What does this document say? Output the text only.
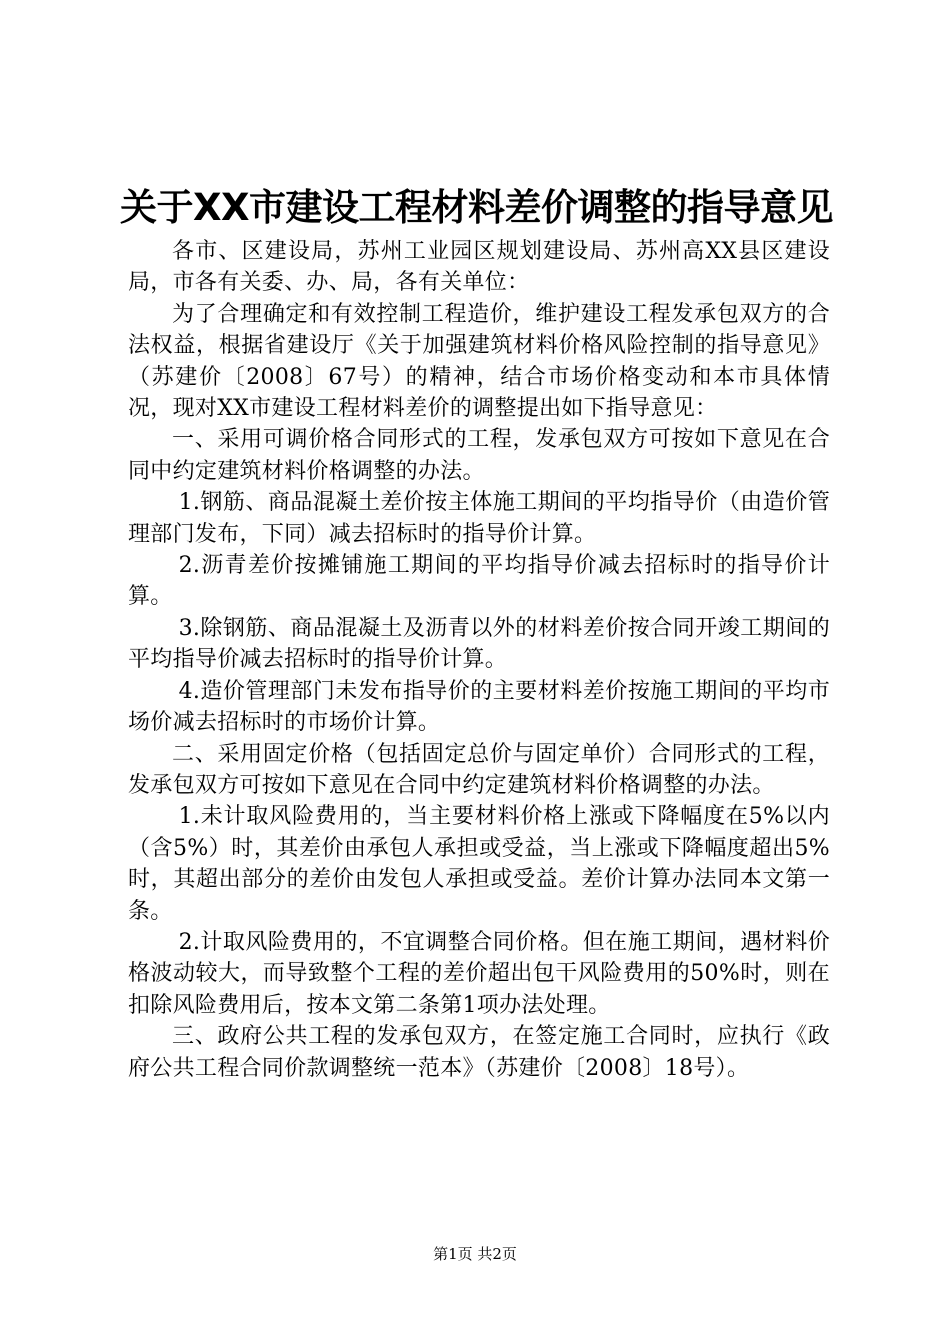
关于XX市建设工程材料差价调整的指导意见

各市、区建设局，苏州工业园区规划建设局、苏州高XX县区建设局，市各有关委、办、局，各有关单位：

为了合理确定和有效控制工程造价，维护建设工程发承包双方的合法权益，根据省建设厅《关于加强建筑材料价格风险控制的指导意见》（苏建价〔2008〕67号）的精神，结合市场价格变动和本市具体情况，现对XX市建设工程材料差价的调整提出如下指导意见：

一、采用可调价格合同形式的工程，发承包双方可按如下意见在合同中约定建筑材料价格调整的办法。

1.钢筋、商品混凝土差价按主体施工期间的平均指导价（由造价管理部门发布，下同）减去招标时的指导价计算。

2.沥青差价按摊铺施工期间的平均指导价减去招标时的指导价计算。

3.除钢筋、商品混凝土及沥青以外的材料差价按合同开竣工期间的平均指导价减去招标时的指导价计算。

4.造价管理部门未发布指导价的主要材料差价按施工期间的平均市场价减去招标时的市场价计算。

二、采用固定价格（包括固定总价与固定单价）合同形式的工程，发承包双方可按如下意见在合同中约定建筑材料价格调整的办法。

1.未计取风险费用的，当主要材料价格上涨或下降幅度在5%以内（含5%）时，其差价由承包人承担或受益，当上涨或下降幅度超出5%时，其超出部分的差价由发包人承担或受益。差价计算办法同本文第一条。

2.计取风险费用的，不宜调整合同价格。但在施工期间，遇材料价格波动较大，而导致整个工程的差价超出包干风险费用的50%时，则在扣除风险费用后，按本文第二条第1项办法处理。

三、政府公共工程的发承包双方，在签定施工合同时，应执行《政府公共工程合同价款调整统一范本》（苏建价〔2008〕18号）。

第1页 共2页
